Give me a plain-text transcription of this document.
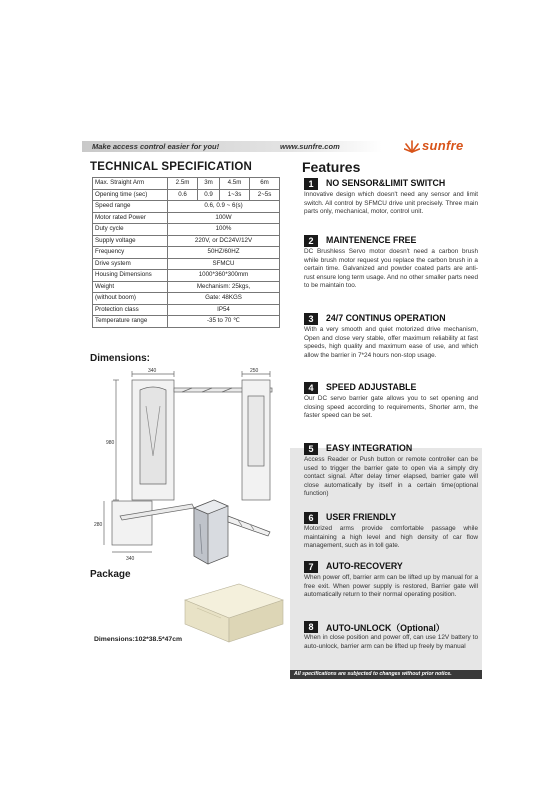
Make access control easier for you!	www.sunfre.com	sunfre
TECHNICAL SPECIFICATION
Max. Straight Arm	2.5m	3m	4.5m	6m
Opening time (sec)	0.6	0.9	1~3s	2~5s
Speed range	0.6, 0.9 ~ 6(s)			
Motor rated Power	100W			
Duty cycle	100%			
Supply voltage	220V, or DC24V/12V			
Frequency	50HZ/60HZ			
Drive system	SFMCU			
Housing Dimensions	1000*360*300mm			
Weight	Mechanism: 25kgs,			
(without boom)	Gate: 48KGS			
Protection class	IP54			
Temperature range	-35 to 70 ℃			
Dimensions:
340	250
980
280
340
Package
Dimensions:102*38.5*47cm
Features
1	NO SENSOR&LIMIT SWITCH
Innovative design which doesn't need any sensor and limit switch. All control by SFMCU drive unit precisely. Three main parts only, mechanical, motor, control unit.
2	MAINTENENCE FREE
DC Brushless Servo motor doesn't need a carbon brush while brush motor request you replace the carbon brush in a certain time. Galvanized and powder coated parts are anti-rust ensure long term usage. And no other smaller parts need to be maintain too.
3	24/7 CONTINUS OPERATION
With a very smooth and quiet motorized drive mechanism, Open and close very stable, offer maximum reliability at fast speeds, high quality and maximum ease of use, and which allow the barrier in 7*24 hours non-stop usage.
4	SPEED ADJUSTABLE
Our DC servo barrier gate allows you to set opening and closing speed according to requirements, Shorter arm, the faster speed can be set.
5	EASY INTEGRATION
Access Reader or Push button or remote controller can be used to trigger the barrier gate to open via a simply dry contact signal. After delay timer elapsed, barrier gate will close automatically by itself in a certain time(optional function)
6	USER FRIENDLY
Motorized arms provide comfortable passage while maintaining a high level and high density of car flow management, such as in toll gate.
7	AUTO-RECOVERY
When power off, barrier arm can be lifted up by manual for a free exit. When power supply is restored, Barrier gate will automatically return to their normal operating position.
8	AUTO-UNLOCK（Optional）
When in close position and power off, can use 12V battery to auto-unlock, barrier arm can be lifted up freely by manual
All specifications are subjected to changes without prior notice.
